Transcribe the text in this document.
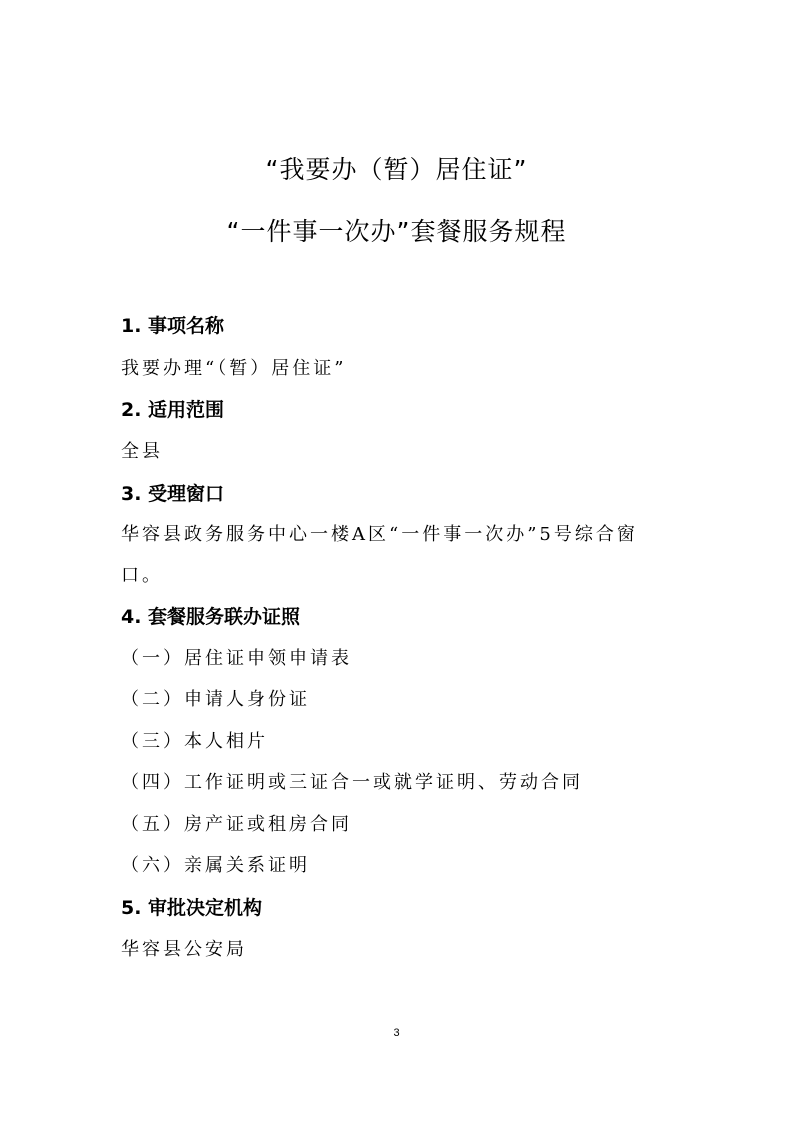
“我要办（暂）居住证”
“一件事一次办”套餐服务规程
1. 事项名称
我要办理“（暂）居住证”
2. 适用范围
全县
3. 受理窗口
华容县政务服务中心一楼A区“一件事一次办”5号综合窗
口。
4. 套餐服务联办证照
（一）居住证申领申请表
（二）申请人身份证
（三）本人相片
（四）工作证明或三证合一或就学证明、劳动合同
（五）房产证或租房合同
（六）亲属关系证明
5. 审批决定机构
华容县公安局
3
